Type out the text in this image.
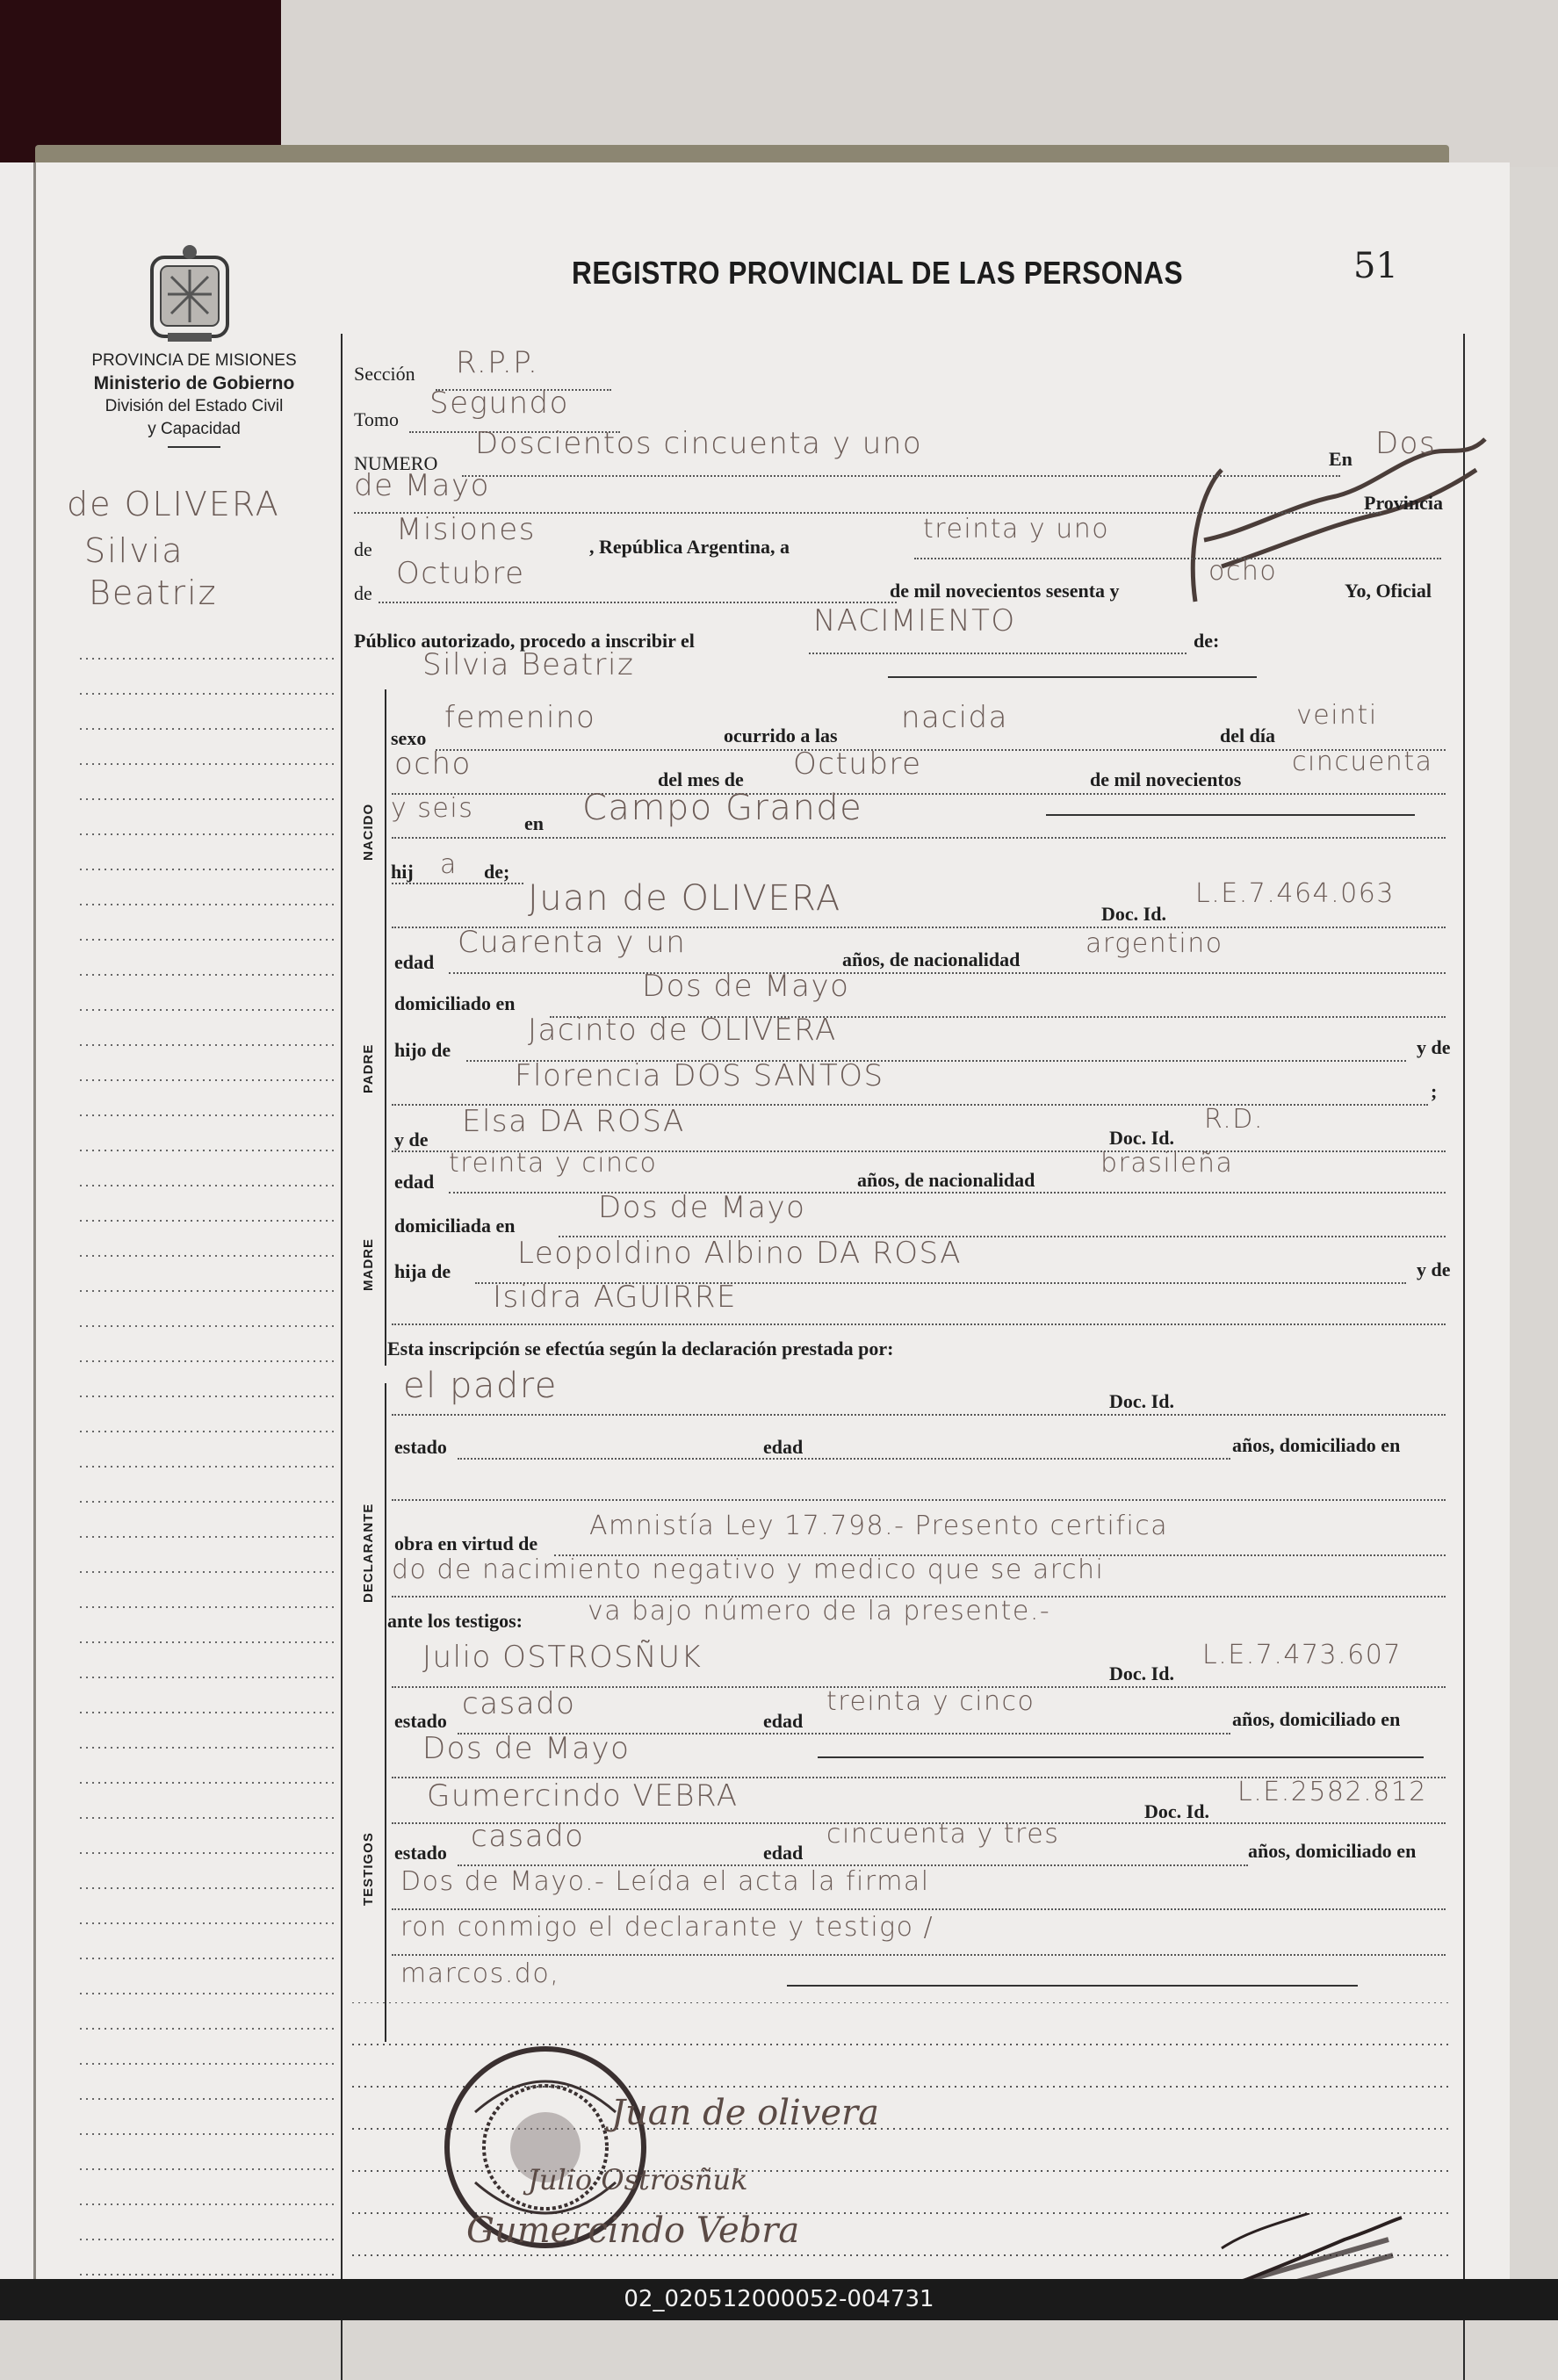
PROVINCIA DE MISIONES
Ministerio de Gobierno
División del Estado Civil
y Capacidad
de OLIVERA
Silvia
Beatriz
REGISTRO PROVINCIAL DE LAS PERSONAS	51
Sección R.P.P.
Tomo Segundo
NUMERO
Doscientos cincuenta y uno	En Dos
de Mayo	Provincia
de
Misiones	, República Argentina, a
treinta y uno
de
Octubre	de mil novecientos sesenta y
ocho
Yo, Oficial
Público autorizado, procedo a inscribir el
NACIMIENTO
de:
Silvia Beatriz
NACIDO
sexo
femenino
ocurrido a las
nacida
del día
veinti
ocho	del mes de Octubre	de mil novecientos
cincuenta
y seis	en Campo Grande
hij a de;
Juan de OLIVERA	Doc. Id.
L.E.7.464.063
PADRE
edad
Cuarenta y un	años, de nacionalidad
argentino
domiciliado en	Dos de Mayo
hijo de
Jacinto de OLIVERA	y de
Florencia DOS SANTOS	;
MADRE
y de
Elsa DA ROSA	Doc. Id.
R.D.
edad
treinta y cinco
años, de nacionalidad
brasileña
domiciliada en
Dos de Mayo
hija de
Leopoldino Albino DA ROSA	y de
Isidra AGUIRRE
Esta inscripción se efectúa según la declaración prestada por:
DECLARANTE
el padre	Doc. Id.
estado	edad	años, domiciliado en
obra en virtud de
Amnistía Ley 17.798.- Presento certifica
do de nacimiento negativo y medico que se archi
ante los testigos: va bajo número de la presente.-
TESTIGOS
Julio OSTROSÑUK	Doc. Id.
L.E.7.473.607
estado casado	edad
treinta y cinco
años, domiciliado en
Dos de Mayo
Gumercindo VEBRA	Doc. Id.
L.E.2582.812
estado casado	edad
cincuenta y tres
años, domiciliado en
Dos de Mayo.- Leída el acta la firmal
ron conmigo el declarante y testigo /
marcos.do,
Juan de olivera
Julio Ostrosñuk
Gumercindo Vebra
02_020512000052-004731
